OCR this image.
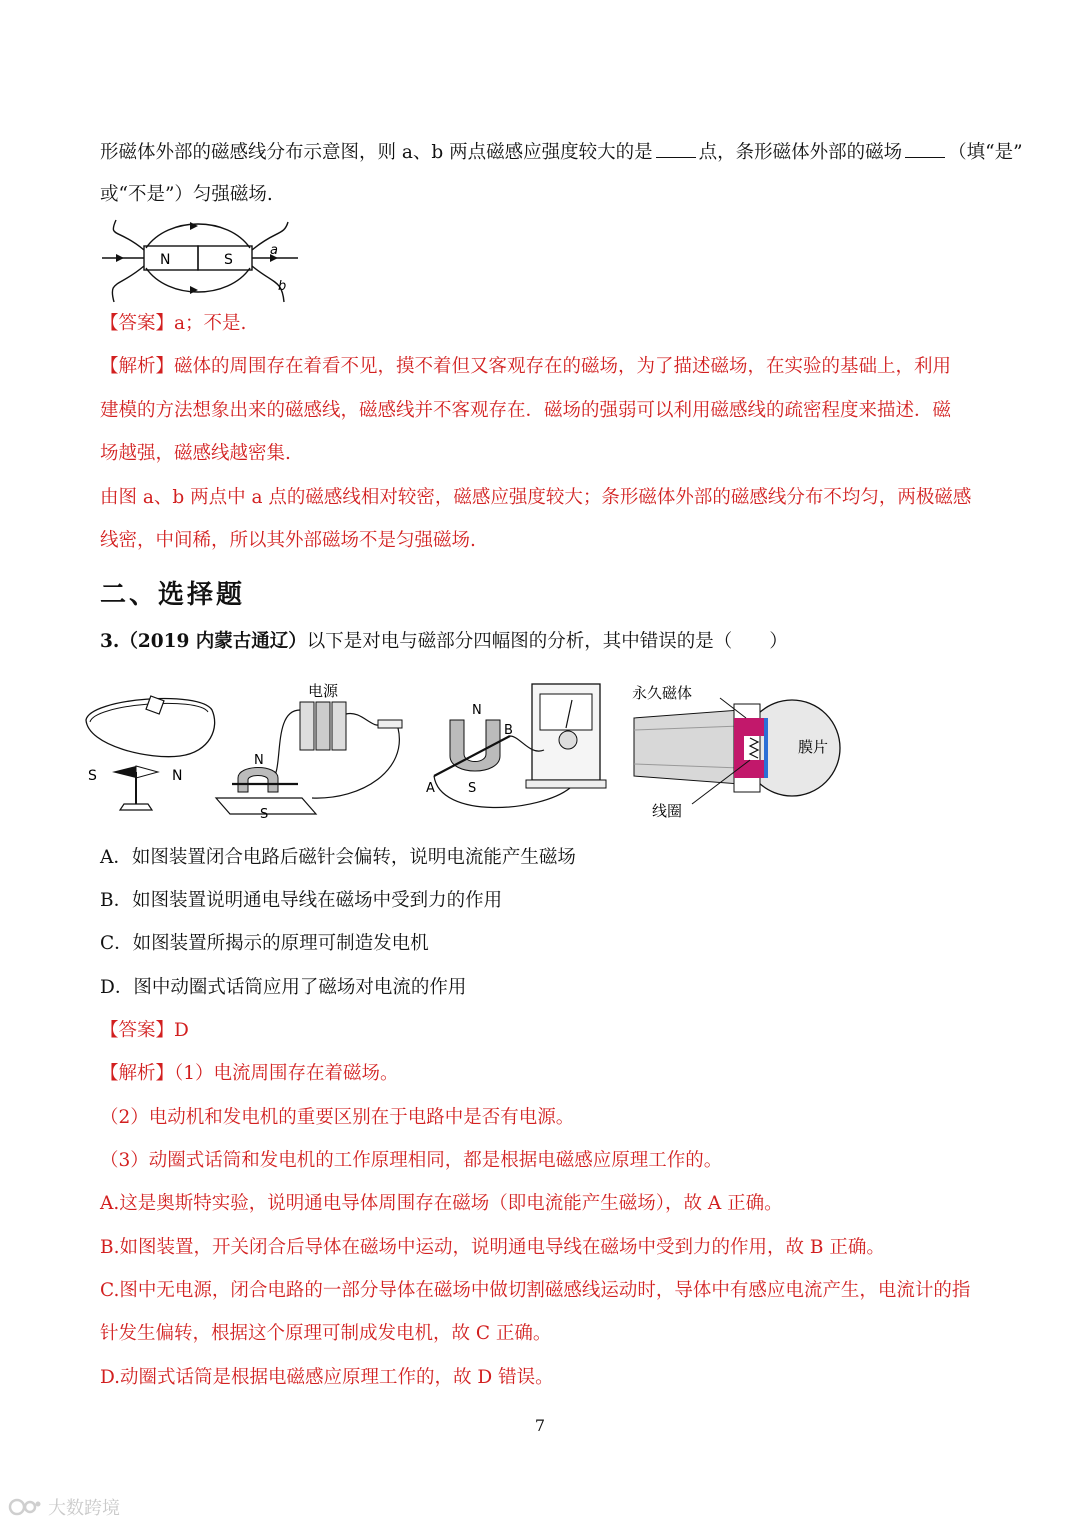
形磁体外部的磁感线分布示意图，则 a、b 两点磁感应强度较大的是 点，条形磁体外部的磁场 （填“是”
或“不是”）匀强磁场.
N	S
a
b
【答案】a；不是.
【解析】磁体的周围存在着看不见，摸不着但又客观存在的磁场，为了描述磁场，在实验的基础上，利用
建模的方法想象出来的磁感线，磁感线并不客观存在．磁场的强弱可以利用磁感线的疏密程度来描述．磁
场越强，磁感线越密集.
由图 a、b 两点中 a 点的磁感线相对较密，磁感应强度较大；条形磁体外部的磁感线分布不均匀，两极磁感
线密，中间稀，所以其外部磁场不是匀强磁场.
二、选择题
3.（2019 内蒙古通辽）以下是对电与磁部分四幅图的分析，其中错误的是（　　）
S	N
电源
N
S
N
S
A
B
永久磁体
膜片
线圈
A．如图装置闭合电路后磁针会偏转，说明电流能产生磁场
B．如图装置说明通电导线在磁场中受到力的作用
C．如图装置所揭示的原理可制造发电机
D．图中动圈式话筒应用了磁场对电流的作用
【答案】D
【解析】（1）电流周围存在着磁场。
（2）电动机和发电机的重要区别在于电路中是否有电源。
（3）动圈式话筒和发电机的工作原理相同，都是根据电磁感应原理工作的。
A.这是奥斯特实验，说明通电导体周围存在磁场（即电流能产生磁场），故 A 正确。
B.如图装置，开关闭合后导体在磁场中运动，说明通电导线在磁场中受到力的作用，故 B 正确。
C.图中无电源，闭合电路的一部分导体在磁场中做切割磁感线运动时，导体中有感应电流产生，电流计的指
针发生偏转，根据这个原理可制成发电机，故 C 正确。
D.动圈式话筒是根据电磁感应原理工作的，故 D 错误。
7
大数跨境
